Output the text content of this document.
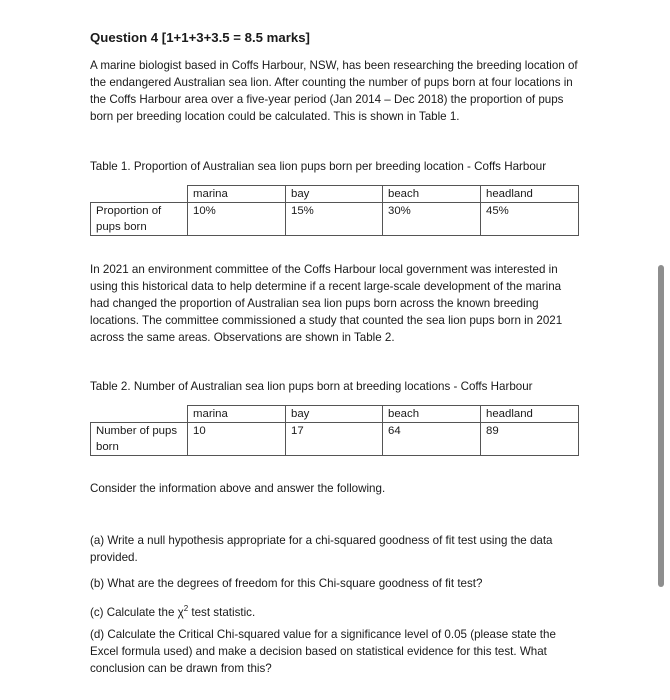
Question 4 [1+1+3+3.5 = 8.5 marks]

A marine biologist based in Coffs Harbour, NSW, has been researching the breeding location of the endangered Australian sea lion. After counting the number of pups born at four locations in the Coffs Harbour area over a five-year period (Jan 2014 – Dec 2018) the proportion of pups born per breeding location could be calculated. This is shown in Table 1.

Table 1. Proportion of Australian sea lion pups born per breeding location - Coffs Harbour
	marina	bay	beach	headland
Proportion of pups born	10%	15%	30%	45%

In 2021 an environment committee of the Coffs Harbour local government was interested in using this historical data to help determine if a recent large-scale development of the marina had changed the proportion of Australian sea lion pups born across the known breeding locations. The committee commissioned a study that counted the sea lion pups born in 2021 across the same areas. Observations are shown in Table 2.

Table 2. Number of Australian sea lion pups born at breeding locations - Coffs Harbour
	marina	bay	beach	headland
Number of pups born	10	17	64	89
Consider the information above and answer the following.

(a) Write a null hypothesis appropriate for a chi-squared goodness of fit test using the data provided.

(b) What are the degrees of freedom for this Chi-square goodness of fit test?

(c) Calculate the $\chi^2$ test statistic.

(d) Calculate the Critical Chi-squared value for a significance level of 0.05 (please state the Excel formula used) and make a decision based on statistical evidence for this test. What conclusion can be drawn from this?
